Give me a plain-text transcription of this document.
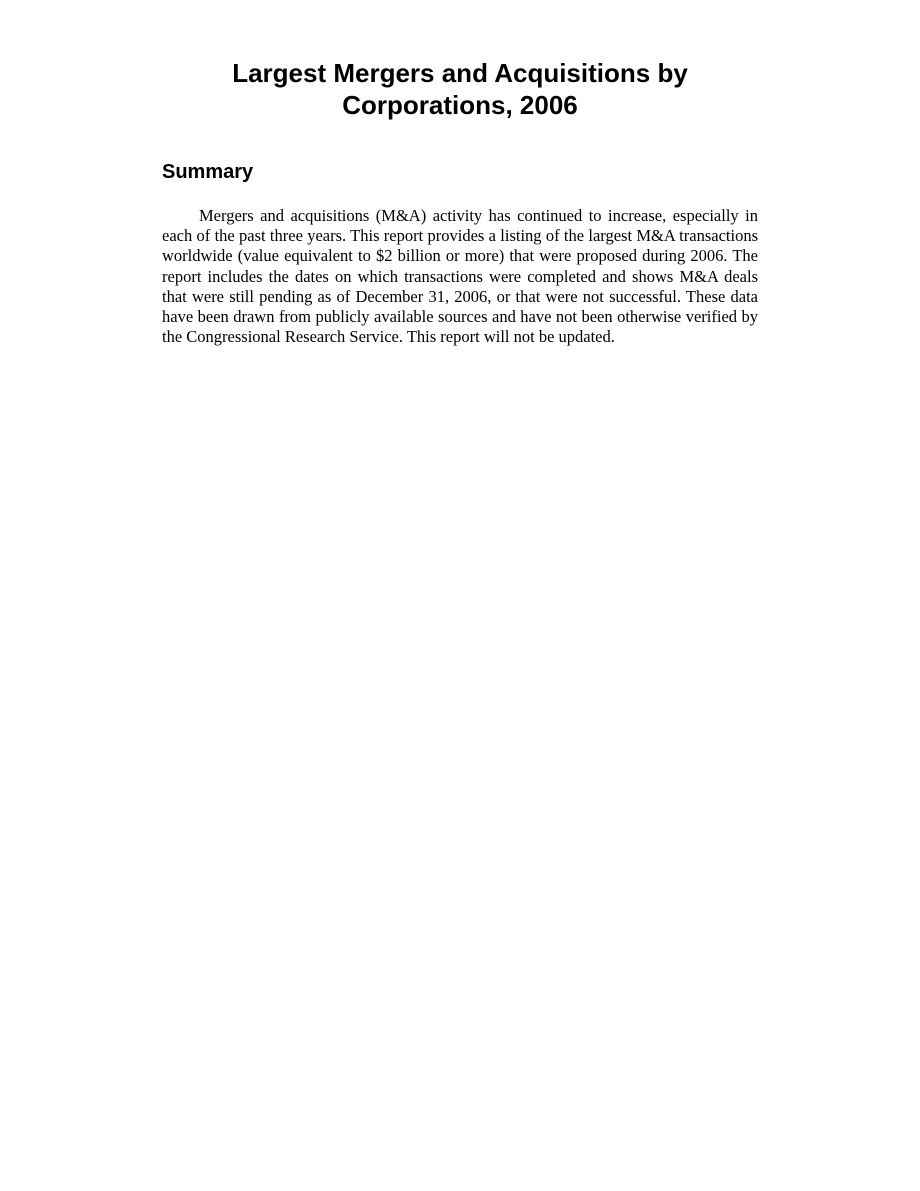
Largest Mergers and Acquisitions by
Corporations, 2006
Summary

Mergers and acquisitions (M&A) activity has continued to increase, especially in each of the past three years. This report provides a listing of the largest M&A transactions worldwide (value equivalent to $2 billion or more) that were proposed during 2006. The report includes the dates on which transactions were completed and shows M&A deals that were still pending as of December 31, 2006, or that were not successful. These data have been drawn from publicly available sources and have not been otherwise verified by the Congressional Research Service. This report will not be updated.
